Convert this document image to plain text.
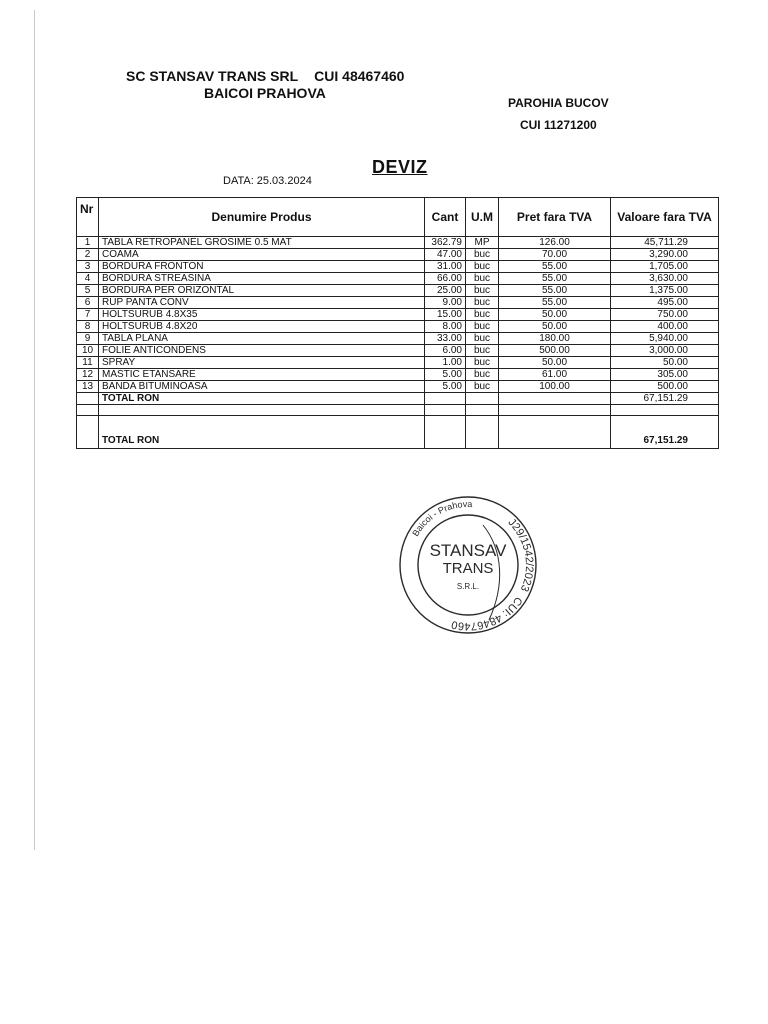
SC STANSAV TRANS SRL CUI 48467460
BAICOI PRAHOVA
PAROHIA BUCOV
CUI 11271200
DEVIZ
DATA: 25.03.2024
Nr	Denumire Produs	Cant	U.M	Pret fara TVA	Valoare fara TVA
1	TABLA RETROPANEL GROSIME 0.5 MAT	362.79	MP	126.00	45,711.29
2	COAMA	47.00	buc	70.00	3,290.00
3	BORDURA FRONTON	31.00	buc	55.00	1,705.00
4	BORDURA STREASINA	66.00	buc	55.00	3,630.00
5	BORDURA PER ORIZONTAL	25.00	buc	55.00	1,375.00
6	RUP PANTA CONV	9.00	buc	55.00	495.00
7	HOLTSURUB 4.8X35	15.00	buc	50.00	750.00
8	HOLTSURUB 4.8X20	8.00	buc	50.00	400.00
9	TABLA PLANA	33.00	buc	180.00	5,940.00
10	FOLIE ANTICONDENS	6.00	buc	500.00	3,000.00
11	SPRAY	1.00	buc	50.00	50.00
12	MASTIC ETANSARE	5.00	buc	61.00	305.00
13	BANDA BITUMINOASA	5.00	buc	100.00	500.00
	TOTAL RON				67,151.29

	TOTAL RON				67,151.29
J29/1542/2023
CUI: 48467460
Baicoi - Prahova
STANSAV
TRANS
S.R.L.
